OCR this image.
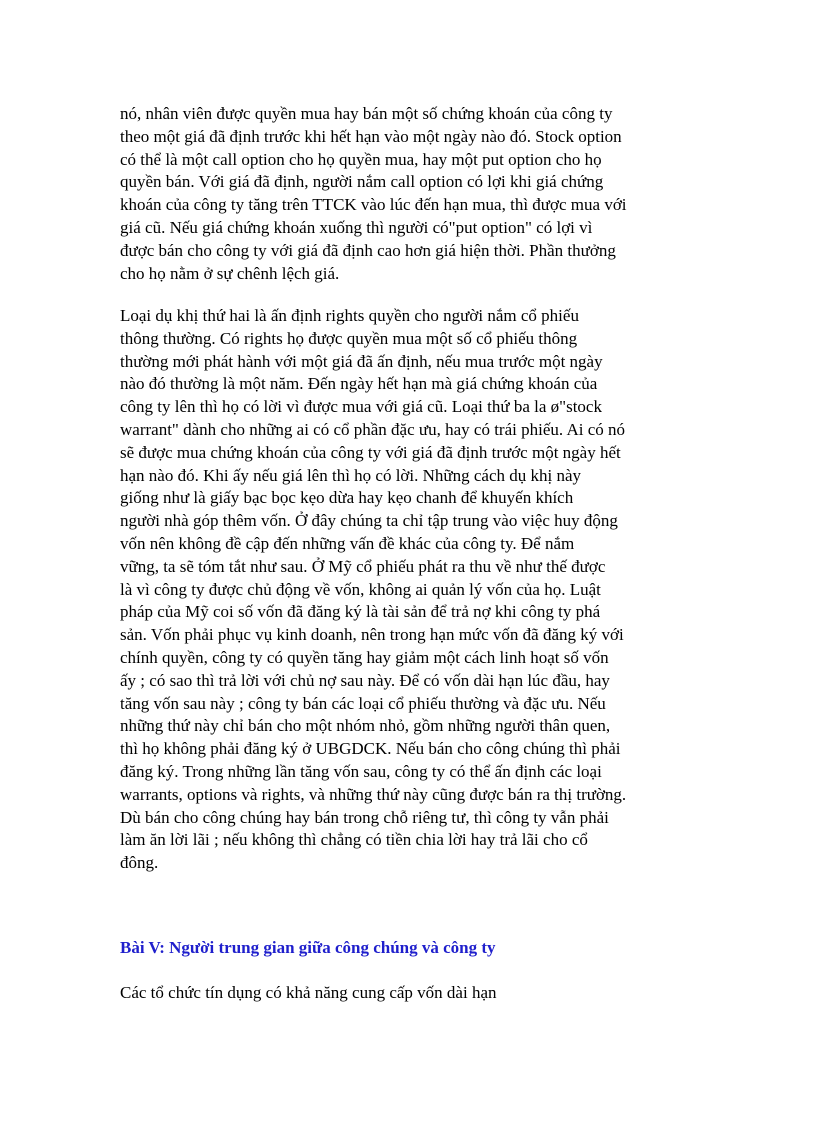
nó, nhân viên được quyền mua hay bán một số chứng khoán của công ty
theo một giá đã định trước khi hết hạn vào một ngày nào đó. Stock option
có thể là một call option cho họ quyền mua, hay một put option cho họ
quyền bán. Với giá đã định, người nắm call option có lợi khi giá chứng
khoán của công ty tăng trên TTCK vào lúc đến hạn mua, thì được mua với
giá cũ. Nếu giá chứng khoán xuống thì người có"put option" có lợi vì
được bán cho công ty với giá đã định cao hơn giá hiện thời. Phần thưởng
cho họ nằm ở sự chênh lệch giá.
Loại dụ khị thứ hai là ấn định rights quyền cho người nắm cổ phiếu
thông thường. Có rights họ được quyền mua một số cổ phiếu thông
thường mới phát hành với một giá đã ấn định, nếu mua trước một ngày
nào đó thường là một năm. Đến ngày hết hạn mà giá chứng khoán của
công ty lên thì họ có lời vì được mua với giá cũ. Loại thứ ba la ø"stock
warrant" dành cho những ai có cổ phần đặc ưu, hay có trái phiếu. Ai có nó
sẽ được mua chứng khoán của công ty với giá đã định trước một ngày hết
hạn nào đó. Khi ấy nếu giá lên thì họ có lời. Những cách dụ khị này
giống như là giấy bạc bọc kẹo dừa hay kẹo chanh để khuyến khích
người nhà góp thêm vốn. Ở đây chúng ta chỉ tập trung vào việc huy động
vốn nên không đề cập đến những vấn đề khác của công ty. Để nắm
vững, ta sẽ tóm tắt như sau. Ở Mỹ cổ phiếu phát ra thu về như thế được
là vì công ty được chủ động về vốn, không ai quản lý vốn của họ. Luật
pháp của Mỹ coi số vốn đã đăng ký là tài sản để trả nợ khi công ty phá
sản. Vốn phải phục vụ kinh doanh, nên trong hạn mức vốn đã đăng ký với
chính quyền, công ty có quyền tăng hay giảm một cách linh hoạt số vốn
ấy ; có sao thì trả lời với chủ nợ sau này. Để có vốn dài hạn lúc đầu, hay
tăng vốn sau này ; công ty bán các loại cổ phiếu thường và đặc ưu. Nếu
những thứ này chỉ bán cho một nhóm nhỏ, gồm những người thân quen,
thì họ không phải đăng ký ở UBGDCK. Nếu bán cho công chúng thì phải
đăng ký. Trong những lần tăng vốn sau, công ty có thể ấn định các loại
warrants, options và rights, và những thứ này cũng được bán ra thị trường.
Dù bán cho công chúng hay bán trong chỗ riêng tư, thì công ty vẫn phải
làm ăn lời lãi ; nếu không thì chẳng có tiền chia lời hay trả lãi cho cổ
đông.
Bài V: Người trung gian giữa công chúng và công ty
Các tổ chức tín dụng có khả năng cung cấp vốn dài hạn
